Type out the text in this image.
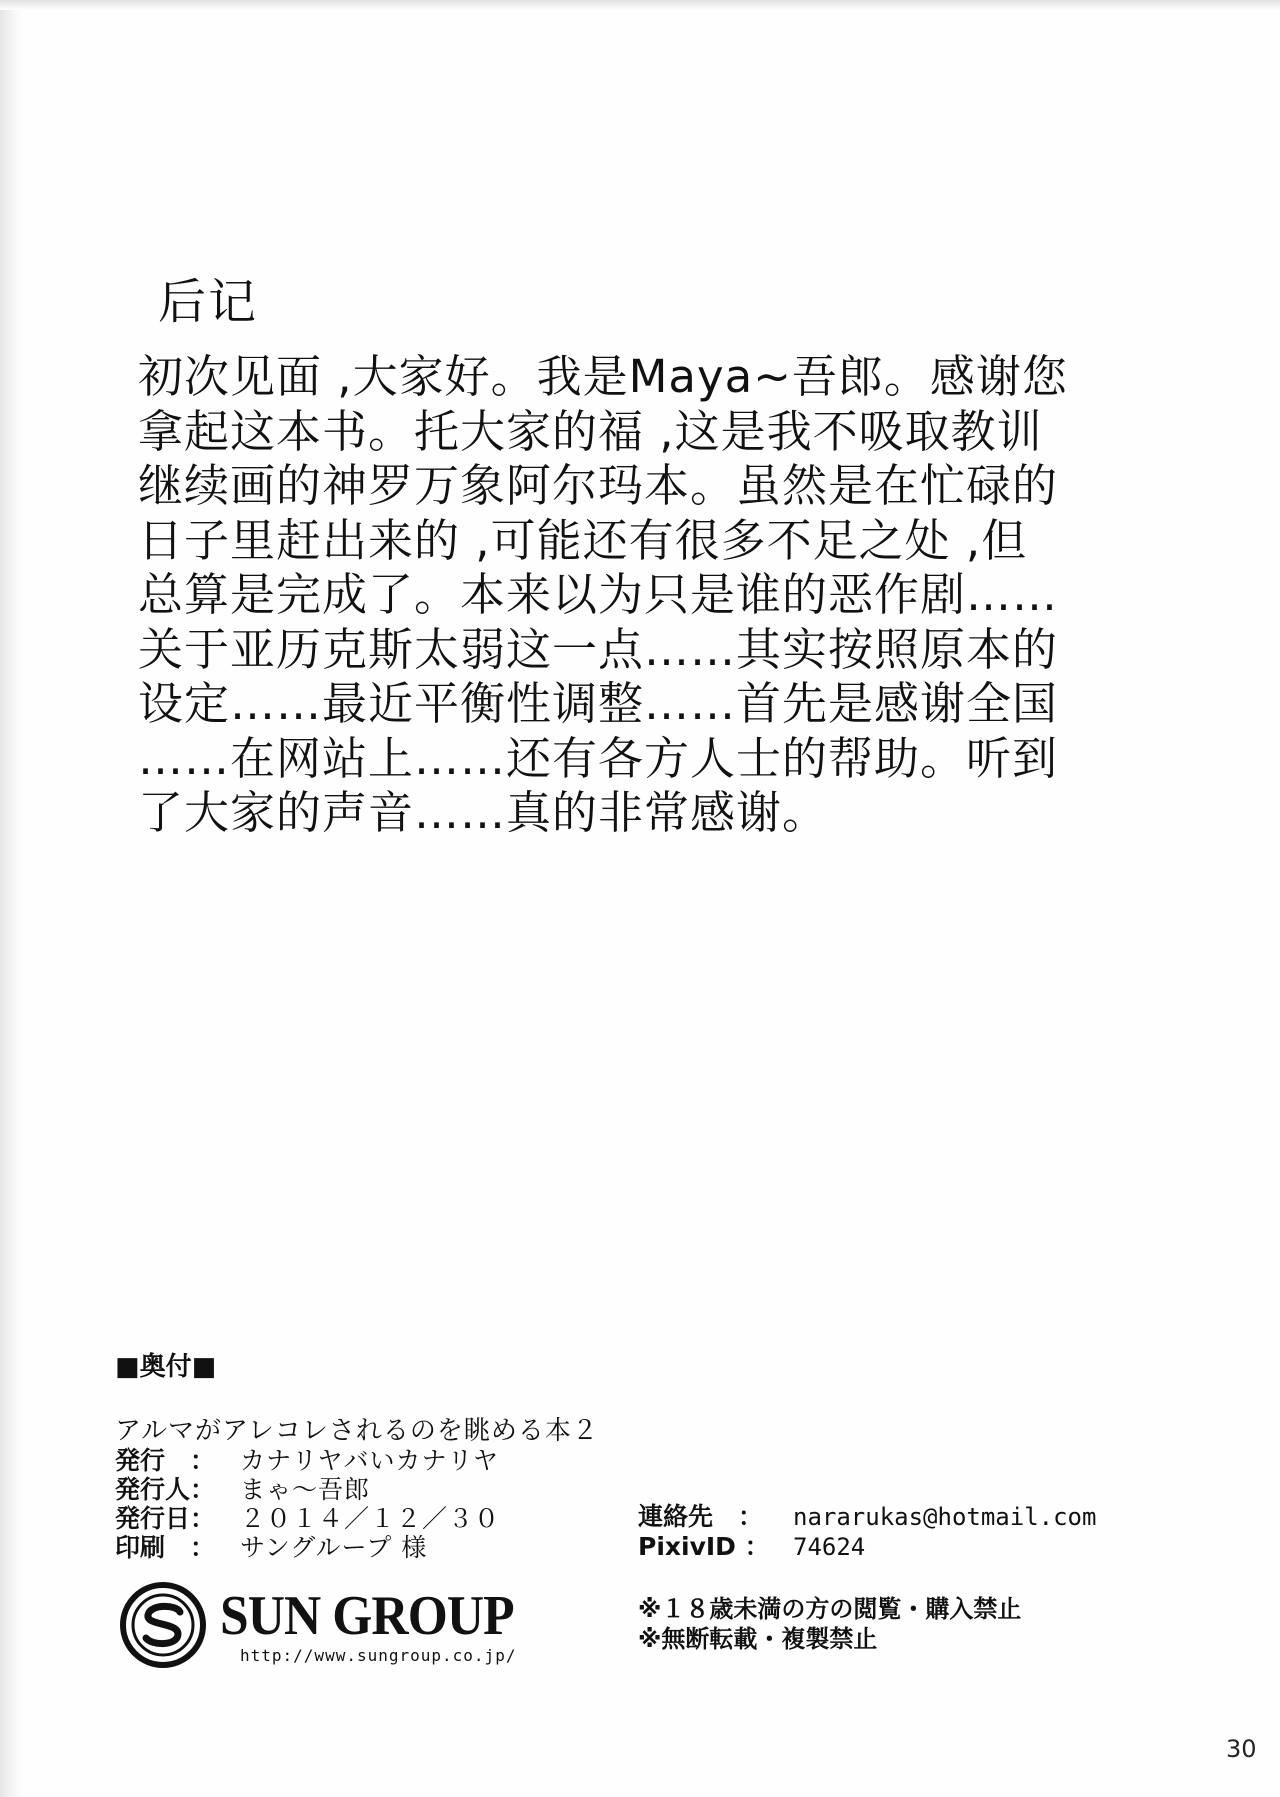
后记
初次见面 ,大家好。我是Maya~吾郎。感谢您
拿起这本书。托大家的福 ,这是我不吸取教训
继续画的神罗万象阿尔玛本。虽然是在忙碌的
日子里赶出来的 ,可能还有很多不足之处 ,但
总算是完成了。本来以为只是谁的恶作剧……
关于亚历克斯太弱这一点……其实按照原本的
设定……最近平衡性调整……首先是感谢全国
……在网站上……还有各方人士的帮助。听到
了大家的声音……真的非常感谢。
■奥付■
アルマがアレコレされるのを眺める本２
発行　： カナリヤバいカナリヤ
発行人： まゃ～吾郎
発行日： ２０１４／１２／３０
印刷　： サングループ 様
連絡先　：	nararukas@hotmail.com
PixivID ： 74624
SUN GROUP
http://www.sungroup.co.jp/
※１８歳未満の方の閲覧・購入禁止
※無断転載・複製禁止
30
